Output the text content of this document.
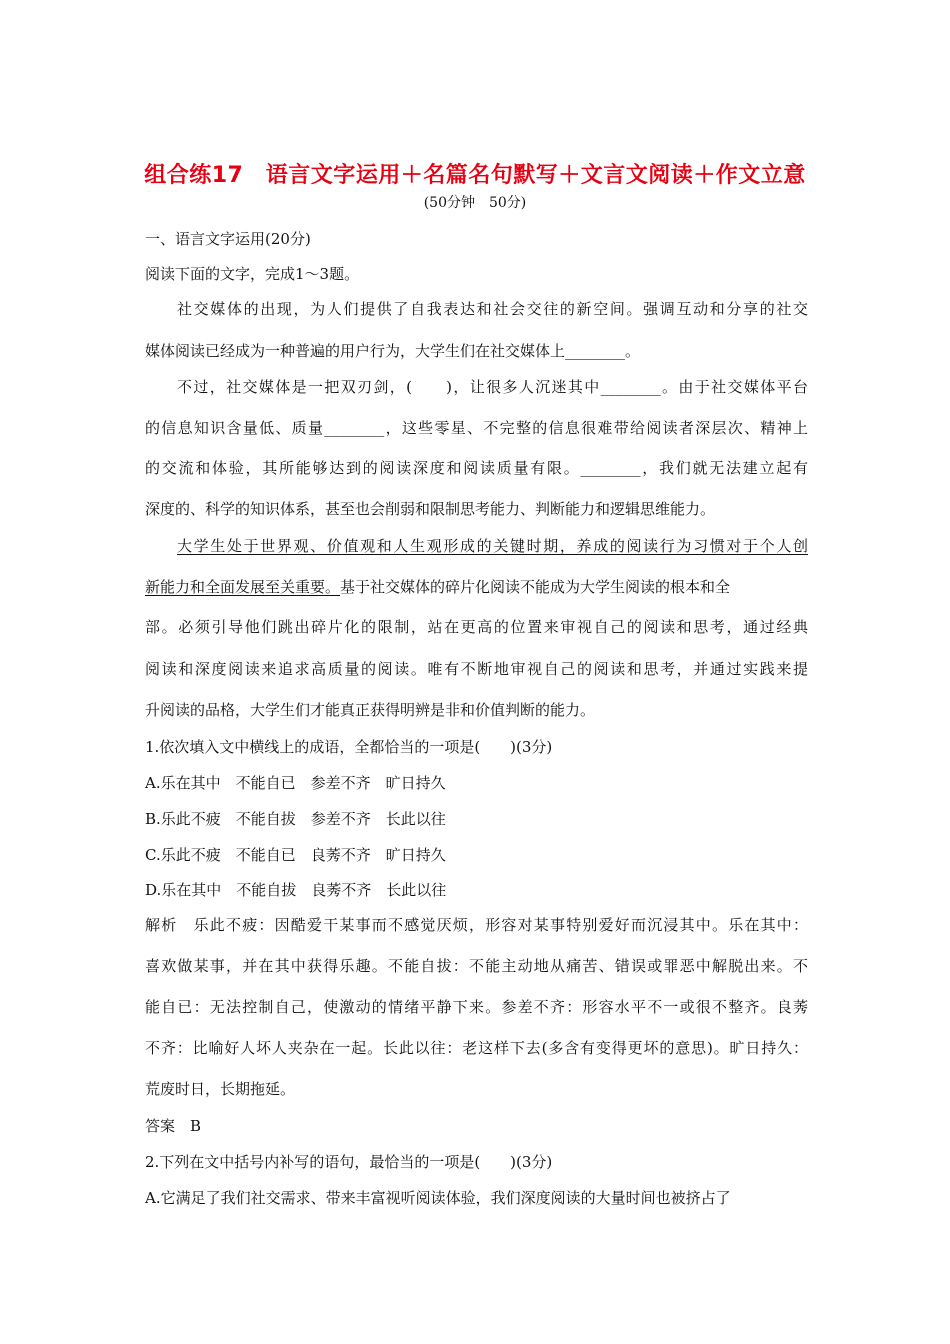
组合练17　语言文字运用＋名篇名句默写＋文言文阅读＋作文立意
(50分钟　50分)
一、语言文字运用(20分)
阅读下面的文字，完成1～3题。
社交媒体的出现，为人们提供了自我表达和社会交往的新空间。强调互动和分享的社交
媒体阅读已经成为一种普遍的用户行为，大学生们在社交媒体上________。
不过，社交媒体是一把双刃剑，(　　)，让很多人沉迷其中________。由于社交媒体平台
的信息知识含量低、质量________，这些零星、不完整的信息很难带给阅读者深层次、精神上
的交流和体验，其所能够达到的阅读深度和阅读质量有限。________，我们就无法建立起有
深度的、科学的知识体系，甚至也会削弱和限制思考能力、判断能力和逻辑思维能力。
大学生处于世界观、价值观和人生观形成的关键时期，养成的阅读行为习惯对于个人创
新能力和全面发展至关重要。基于社交媒体的碎片化阅读不能成为大学生阅读的根本和全
部。必须引导他们跳出碎片化的限制，站在更高的位置来审视自己的阅读和思考，通过经典
阅读和深度阅读来追求高质量的阅读。唯有不断地审视自己的阅读和思考，并通过实践来提
升阅读的品格，大学生们才能真正获得明辨是非和价值判断的能力。
1.依次填入文中横线上的成语，全都恰当的一项是(　　)(3分)
A.乐在其中　不能自已　参差不齐　旷日持久
B.乐此不疲　不能自拔　参差不齐　长此以往
C.乐此不疲　不能自已　良莠不齐　旷日持久
D.乐在其中　不能自拔　良莠不齐　长此以往
解析　乐此不疲：因酷爱干某事而不感觉厌烦，形容对某事特别爱好而沉浸其中。乐在其中：
喜欢做某事，并在其中获得乐趣。不能自拔：不能主动地从痛苦、错误或罪恶中解脱出来。不
能自已：无法控制自己，使激动的情绪平静下来。参差不齐：形容水平不一或很不整齐。良莠
不齐：比喻好人坏人夹杂在一起。长此以往：老这样下去(多含有变得更坏的意思)。旷日持久：
荒废时日，长期拖延。
答案　B
2.下列在文中括号内补写的语句，最恰当的一项是(　　)(3分)
A.它满足了我们社交需求、带来丰富视听阅读体验，我们深度阅读的大量时间也被挤占了
